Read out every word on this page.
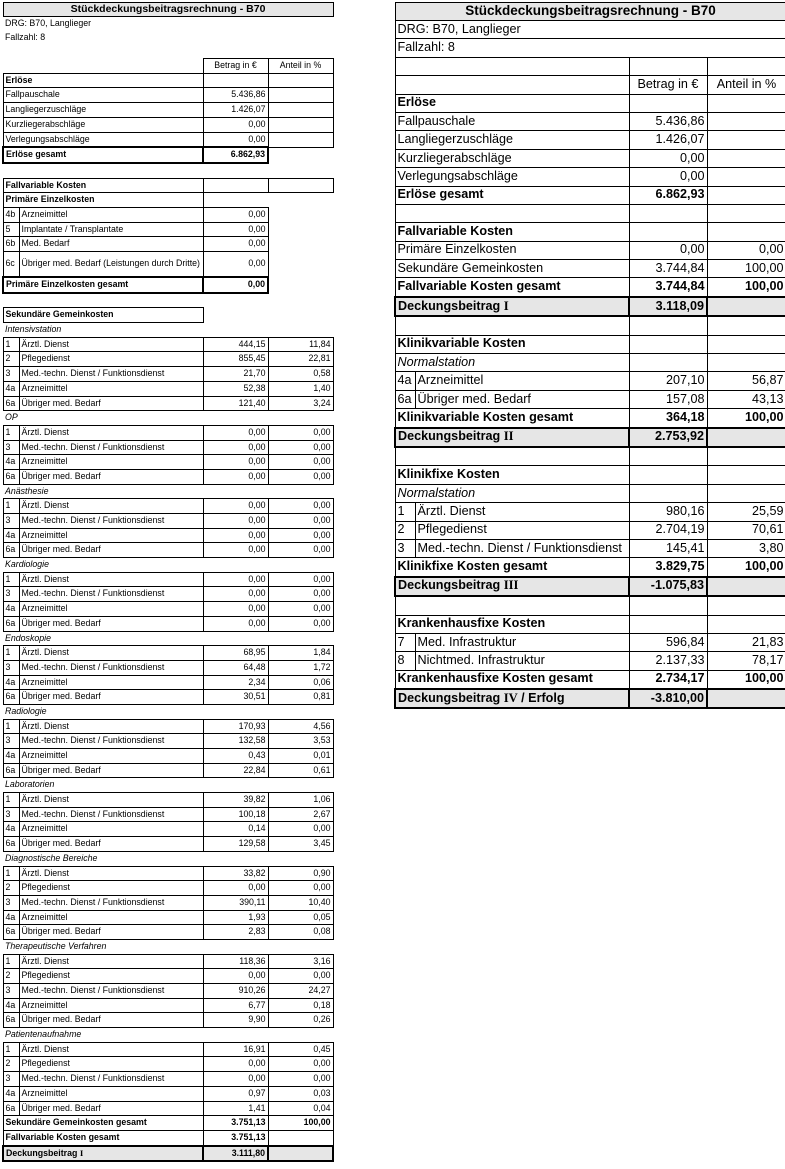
Stückdeckungsbeitragsrechnung - B70			
DRG: B70, Langlieger			
Fallzahl: 8			

		Betrag in €	Anteil in %
Erlöse			
Fallpauschale		5.436,86	
Langliegerzuschläge		1.426,07	
Kurzliegerabschläge		0,00	
Verlegungsabschläge		0,00	
Erlöse gesamt		6.862,93	

Fallvariable Kosten			
Primäre Einzelkosten			
4b	Arzneimittel	0,00	
5	Implantate / Transplantate	0,00	
6b	Med. Bedarf	0,00	
6c	Übriger med. Bedarf (Leistungen durch Dritte)	0,00	
Primäre Einzelkosten gesamt		0,00	

Sekundäre Gemeinkosten			
Intensivstation			
1	Ärztl. Dienst	444,15	11,84
2	Pflegedienst	855,45	22,81
3	Med.-techn. Dienst / Funktionsdienst	21,70	0,58
4a	Arzneimittel	52,38	1,40
6a	Übriger med. Bedarf	121,40	3,24
OP			
1	Ärztl. Dienst	0,00	0,00
3	Med.-techn. Dienst / Funktionsdienst	0,00	0,00
4a	Arzneimittel	0,00	0,00
6a	Übriger med. Bedarf	0,00	0,00
Anästhesie			
1	Ärztl. Dienst	0,00	0,00
3	Med.-techn. Dienst / Funktionsdienst	0,00	0,00
4a	Arzneimittel	0,00	0,00
6a	Übriger med. Bedarf	0,00	0,00
Kardiologie			
1	Ärztl. Dienst	0,00	0,00
3	Med.-techn. Dienst / Funktionsdienst	0,00	0,00
4a	Arzneimittel	0,00	0,00
6a	Übriger med. Bedarf	0,00	0,00
Endoskopie			
1	Ärztl. Dienst	68,95	1,84
3	Med.-techn. Dienst / Funktionsdienst	64,48	1,72
4a	Arzneimittel	2,34	0,06
6a	Übriger med. Bedarf	30,51	0,81
Radiologie			
1	Ärztl. Dienst	170,93	4,56
3	Med.-techn. Dienst / Funktionsdienst	132,58	3,53
4a	Arzneimittel	0,43	0,01
6a	Übriger med. Bedarf	22,84	0,61
Laboratorien			
1	Ärztl. Dienst	39,82	1,06
3	Med.-techn. Dienst / Funktionsdienst	100,18	2,67
4a	Arzneimittel	0,14	0,00
6a	Übriger med. Bedarf	129,58	3,45
Diagnostische Bereiche			
1	Ärztl. Dienst	33,82	0,90
2	Pflegedienst	0,00	0,00
3	Med.-techn. Dienst / Funktionsdienst	390,11	10,40
4a	Arzneimittel	1,93	0,05
6a	Übriger med. Bedarf	2,83	0,08
Therapeutische Verfahren			
1	Ärztl. Dienst	118,36	3,16
2	Pflegedienst	0,00	0,00
3	Med.-techn. Dienst / Funktionsdienst	910,26	24,27
4a	Arzneimittel	6,77	0,18
6a	Übriger med. Bedarf	9,90	0,26
Patientenaufnahme			
1	Ärztl. Dienst	16,91	0,45
2	Pflegedienst	0,00	0,00
3	Med.-techn. Dienst / Funktionsdienst	0,00	0,00
4a	Arzneimittel	0,97	0,03
6a	Übriger med. Bedarf	1,41	0,04
Sekundäre Gemeinkosten gesamt		3.751,13	100,00
Fallvariable Kosten gesamt		3.751,13	
Deckungsbeitrag I		3.111,80	
Stückdeckungsbeitragsrechnung - B70			
DRG: B70, Langlieger			
Fallzahl: 8			

		Betrag in €	Anteil in %
Erlöse			
Fallpauschale		5.436,86	
Langliegerzuschläge		1.426,07	
Kurzliegerabschläge		0,00	
Verlegungsabschläge		0,00	
Erlöse gesamt		6.862,93	

Fallvariable Kosten			
Primäre Einzelkosten		0,00	0,00
Sekundäre Gemeinkosten		3.744,84	100,00
Fallvariable Kosten gesamt		3.744,84	100,00
Deckungsbeitrag I		3.118,09	

Klinikvariable Kosten			
Normalstation			
4a	Arzneimittel	207,10	56,87
6a	Übriger med. Bedarf	157,08	43,13
Klinikvariable Kosten gesamt		364,18	100,00
Deckungsbeitrag II		2.753,92	

Klinikfixe Kosten			
Normalstation			
1	Ärztl. Dienst	980,16	25,59
2	Pflegedienst	2.704,19	70,61
3	Med.-techn. Dienst / Funktionsdienst	145,41	3,80
Klinikfixe Kosten gesamt		3.829,75	100,00
Deckungsbeitrag III		-1.075,83	

Krankenhausfixe Kosten			
7	Med. Infrastruktur	596,84	21,83
8	Nichtmed. Infrastruktur	2.137,33	78,17
Krankenhausfixe Kosten gesamt		2.734,17	100,00
Deckungsbeitrag IV / Erfolg		-3.810,00	
